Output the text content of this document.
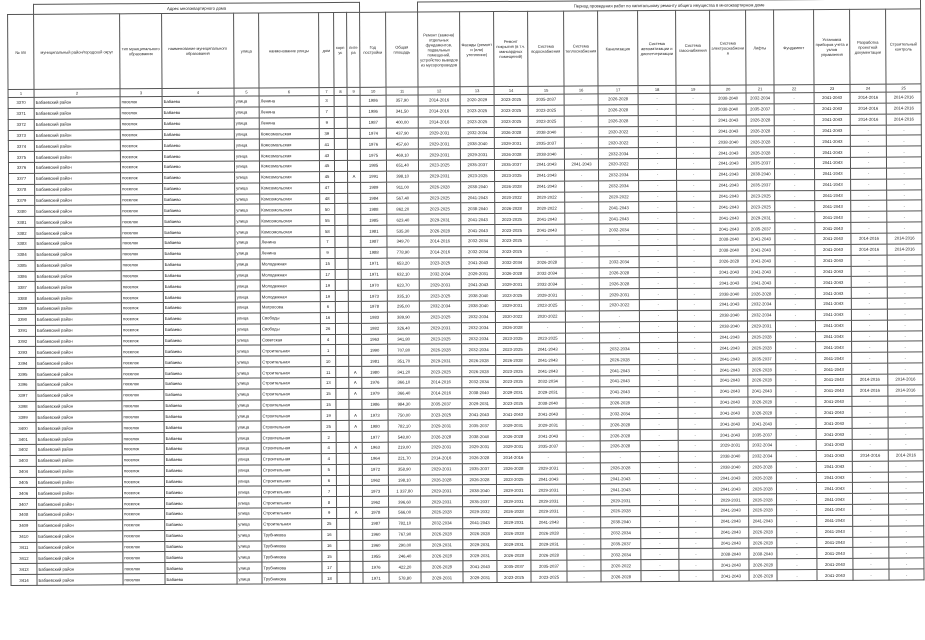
	Адрес многоквартирного дома										Период проведения работ по капитальному ремонту общего имущества в многоквартирном доме													
№ п/п	муниципальный район/городской округ	тип муниципального образования	наименование муниципального образования	улица	наименование улицы	дом	корпус	литера	Год постройки	Общая площадь	Ремонт (замена) отдельных фундаментов, подвальных помещений, устройство выводов из мусоропроводов	Фасады (ремонт и (или) утепление)	Ремонт покрытия (в т.ч. мансардных помещений)	Система водоснабжения	Система теплоснабжения	Канализация	Система автоматизации и диспетчеризации	Система газоснабжения	Система электроснабжения	Лифты	Фундамент	Установка приборов учета и узлов управления	Разработка проектной документации	Строительный контроль
1	2	3	4	5	6	7	8	9	10	11	12	13	14	15	16	17	18	19	20	21	22	23	24	25
3370	Бабаевский район	поселок	Бабаево	улица	Ленина	3			1986	357,90	2014-2016	2020-2029	2023-2025	2035-2037	-	2026-2028	-	-	2038-2040	2032-2034	-	2041-2043	2014-2016	2014-2016
3371	Бабаевский район	поселок	Бабаево	улица	Ленина	7			1986	341,50	2014-2016	2023-2025	2023-2025	2023-2025	-	2026-2028	-	-	2038-2040	2035-2037	-	2041-2043	2014-2016	2014-2016
3372	Бабаевский район	поселок	Бабаево	улица	Ленина	9			1987	400,00	2014-2016	2023-2025	2023-2025	2023-2025	-	2026-2028	-	-	2041-2043	2026-2028	-	2041-2043	2014-2016	2014-2016
3373	Бабаевский район	поселок	Бабаево	улица	Комсомольская	39			1974	437,90	2029-2031	2032-2034	2026-2028	2038-2040	-	2020-2022	-	-	2041-2043	2026-2028	-	2041-2043	-	-
3374	Бабаевский район	поселок	Бабаево	улица	Комсомольская	41			1976	457,60	2029-2031	2038-2040	2029-2031	2035-2037	-	2020-2022	-	-	2038-2040	2026-2028	-	2041-2043	-	-
3375	Бабаевский район	поселок	Бабаево	улица	Комсомольская	43			1975	469,10	2029-2031	2029-2031	2026-2028	2038-2040	-	2032-2034	-	-	2041-2043	2026-2028	-	2041-2043	-	-
3376	Бабаевский район	поселок	Бабаево	улица	Комсомольская	45			1985	651,40	2023-2025	2035-2037	2035-2037	2041-2043	2041-2043	2020-2022	-	-	2041-2043	2035-2037	-	2041-2043	-	-
3377	Бабаевский район	поселок	Бабаево	улица	Комсомольская	45		А	1991	398,10	2029-2031	2023-2025	2023-2025	2041-2043	-	2032-2034	-	-	2041-2043	2038-2040	-	2041-2043	-	-
3378	Бабаевский район	поселок	Бабаево	улица	Комсомольская	47			1989	911,00	2026-2028	2038-2040	2026-2028	2041-2043	-	2032-2034	-	-	2041-2043	2035-2037	-	2041-2043	-	-
3379	Бабаевский район	поселок	Бабаево	улица	Комсомольская	48			1984	567,40	2023-2025	2041-2043	2020-2022	2020-2022	-	2020-2022	-	-	2041-2043	2023-2025	-	2041-2043	-	-
3380	Бабаевский район	поселок	Бабаево	улица	Комсомольская	50			1988	862,20	2023-2025	2038-2040	2026-2028	2020-2022	-	2041-2043	-	-	2041-2043	2023-2025	-	2041-2043	-	-
3381	Бабаевский район	поселок	Бабаево	улица	Комсомольская	55			1985	623,40	2029-2031	2041-2043	2023-2025	2041-2043	-	2041-2043	-	-	2041-2043	2029-2031	-	2041-2043	-	-
3382	Бабаевский район	поселок	Бабаево	улица	Комсомольская	58			1981	535,30	2026-2028	2041-2043	2023-2025	2041-2043	-	2032-2034	-	-	2041-2043	2035-2037	-	2041-2043	-	-
3383	Бабаевский район	поселок	Бабаево	улица	Ленина	7			1987	349,70	2014-2016	2032-2034	2023-2025	-	-	-	-	-	2038-2040	2041-2043	-	2041-2043	2014-2016	2014-2016
3384	Бабаевский район	поселок	Бабаево	улица	Ленина	9			1988	778,90	2014-2016	2032-2034	2023-2025	-	-	-	-	-	2038-2040	2041-2043	-	2041-2043	2014-2016	2014-2016
3385	Бабаевский район	поселок	Бабаево	улица	Молодежная	15			1971	653,20	2023-2025	2041-2043	2032-2034	2026-2028	-	2032-2034	-	-	2026-2028	2041-2043	-	2041-2043	-	-
3386	Бабаевский район	поселок	Бабаево	улица	Молодежная	17			1971	632,10	2032-2034	2029-2031	2026-2028	2032-2034	-	2026-2028	-	-	2041-2043	2041-2043	-	2041-2043	-	-
3387	Бабаевский район	поселок	Бабаево	улица	Молодежная	19			1970	623,70	2029-2031	2041-2043	2029-2031	2032-2034	-	2026-2028	-	-	2041-2043	2041-2043	-	2041-2043	-	-
3388	Бабаевский район	поселок	Бабаево	улица	Молодежная	19			1973	335,10	2023-2025	2038-2040	2023-2025	2029-2031	-	2029-2031	-	-	2038-2040	2026-2028	-	2041-2043	-	-
3389	Бабаевский район	поселок	Бабаево	улица	Матросова	6			1978	295,00	2032-2034	2038-2040	2029-2031	2023-2025	-	2020-2022	-	-	2041-2043	2032-2034	-	2041-2043	-	-
3390	Бабаевский район	поселок	Бабаево	улица	Свободы	16			1983	389,90	2023-2025	2032-2034	2020-2022	2020-2022	-	-	-	-	2038-2040	2032-2034	-	2041-2043	-	-
3391	Бабаевский район	поселок	Бабаево	улица	Свободы	26			1982	326,40	2029-2031	2032-2034	2026-2028	-	-	-	-	-	2038-2040	2029-2031	-	2041-2043	-	-
3392	Бабаевский район	поселок	Бабаево	улица	Советская	4			1963	341,80	2023-2025	2032-2034	2023-2025	2023-2025	-	-	-	-	2041-2043	2026-2028	-	2041-2043	-	-
3393	Бабаевский район	поселок	Бабаево	улица	Строительная	1			1990	707,80	2026-2028	2032-2034	2023-2025	2041-2043	-	2032-2034	-	-	2041-2043	2026-2028	-	2041-2043	-	-
3394	Бабаевский район	поселок	Бабаево	улица	Строительная	10			1981	351,70	2029-2031	2026-2028	2026-2028	2041-2043	-	2026-2028	-	-	2041-2043	2035-2037	-	2041-2043	-	-
3395	Бабаевский район	поселок	Бабаево	улица	Строительная	11		А	1980	341,20	2023-2025	2026-2028	2023-2025	2041-2043	-	2041-2043	-	-	2041-2043	2026-2028	-	2041-2043	-	-
3396	Бабаевский район	поселок	Бабаево	улица	Строительная	13		А	1976	366,10	2014-2016	2032-2034	2023-2025	2032-2034	-	2041-2043	-	-	2041-2043	2026-2028	-	2041-2043	2014-2016	2014-2016
3397	Бабаевский район	поселок	Бабаево	улица	Строительная	15		А	1979	366,40	2014-2016	2038-2040	2029-2031	2029-2031	-	2041-2043	-	-	2041-2043	2041-2043	-	2041-2043	2014-2016	2014-2016
3398	Бабаевский район	поселок	Бабаево	улица	Строительная	15			1986	984,30	2035-2037	2029-2031	2023-2025	2038-2040	-	2026-2028	-	-	2041-2043	2026-2028	-	2041-2043	-	-
3399	Бабаевский район	поселок	Бабаево	улица	Строительная	19		А	1973	750,00	2023-2025	2041-2043	2041-2043	2041-2043	-	2032-2034	-	-	2041-2043	2026-2028	-	2041-2043	-	-
3400	Бабаевский район	поселок	Бабаево	улица	Строительная	25		А	1980	782,10	2029-2031	2035-2037	2029-2031	2029-2031	-	2026-2028	-	-	2041-2043	2041-2043	-	2041-2043	-	-
3401	Бабаевский район	поселок	Бабаево	улица	Строительная	2			1977	548,00	2026-2028	2038-2040	2026-2028	2041-2043	-	2026-2028	-	-	2041-2043	2035-2037	-	2041-2043	-	-
3402	Бабаевский район	поселок	Бабаево	улица	Строительная	4		А	1963	219,00	2029-2031	2029-2031	2029-2031	2035-2037	-	2026-2028	-	-	2029-2031	2032-2034	-	2041-2043	-	-
3403	Бабаевский район	поселок	Бабаево	улица	Строительная	4			1964	221,70	2014-2016	2026-2028	2014-2016	-	-	-	-	-	2038-2040	2032-2034	-	2041-2043	2014-2016	2014-2016
3404	Бабаевский район	поселок	Бабаево	улица	Строительная	5			1972	358,90	2029-2031	2035-2037	2026-2028	2029-2031	-	2026-2028	-	-	2038-2040	2026-2028	-	2041-2043	-	-
3405	Бабаевский район	поселок	Бабаево	улица	Строительная	6			1962	198,10	2026-2028	2026-2028	2023-2025	2041-2043	-	2041-2043	-	-	2041-2043	2026-2028	-	2041-2043	-	-
3406	Бабаевский район	поселок	Бабаево	улица	Строительная	7			1973	1 337,80	2029-2031	2038-2040	2029-2031	2029-2031	-	2041-2043	-	-	2041-2043	2026-2028	-	2041-2043	-	-
3407	Бабаевский район	поселок	Бабаево	улица	Строительная	8			1962	396,60	2029-2031	2035-2037	2029-2031	2029-2031	-	2029-2031	-	-	2029-2031	2026-2028	-	2041-2043	-	-
3408	Бабаевский район	поселок	Бабаево	улица	Строительная	9		А	1978	566,00	2026-2028	2029-2032	2026-2028	2029-2031	-	2026-2028	-	-	2041-2043	2026-2028	-	2041-2043	-	-
3409	Бабаевский район	поселок	Бабаево	улица	Строительная	25			1987	782,10	2032-2034	2041-2043	2029-2031	2041-2043	-	2038-2040	-	-	2041-2043	2041-2043	-	2041-2043	-	-
3410	Бабаевский район	поселок	Бабаево	улица	Трубникова	16			1960	767,90	2026-2028	2026-2028	2026-2028	2026-2028	-	2032-2034	-	-	2041-2043	2026-2028	-	2041-2043	-	-
3411	Бабаевский район	поселок	Бабаево	улица	Трубникова	16			1960	290,00	2029-2031	2029-2031	2029-2031	2029-2031	-	2035-2037	-	-	2041-2043	2026-2028	-	2041-2043	-	-
3412	Бабаевский район	поселок	Бабаево	улица	Трубникова	15			1955	246,40	2026-2028	2029-2031	2026-2028	2026-2028	-	2032-2034	-	-	2038-2040	2038-2040	-	2041-2043	-	-
3413	Бабаевский район	поселок	Бабаево	улица	Трубникова	17			1976	422,20	2026-2028	2041-2043	2035-2037	2035-2037	-	2020-2022	-	-	2041-2043	2026-2028	-	2041-2043	-	-
3414	Бабаевский район	поселок	Бабаево	улица	Трубникова	18			1971	578,80	2029-2031	2029-2031	2023-2025	2023-2025	-	2026-2028	-	-	2041-2043	2026-2028	-	2041-2043	-	-
